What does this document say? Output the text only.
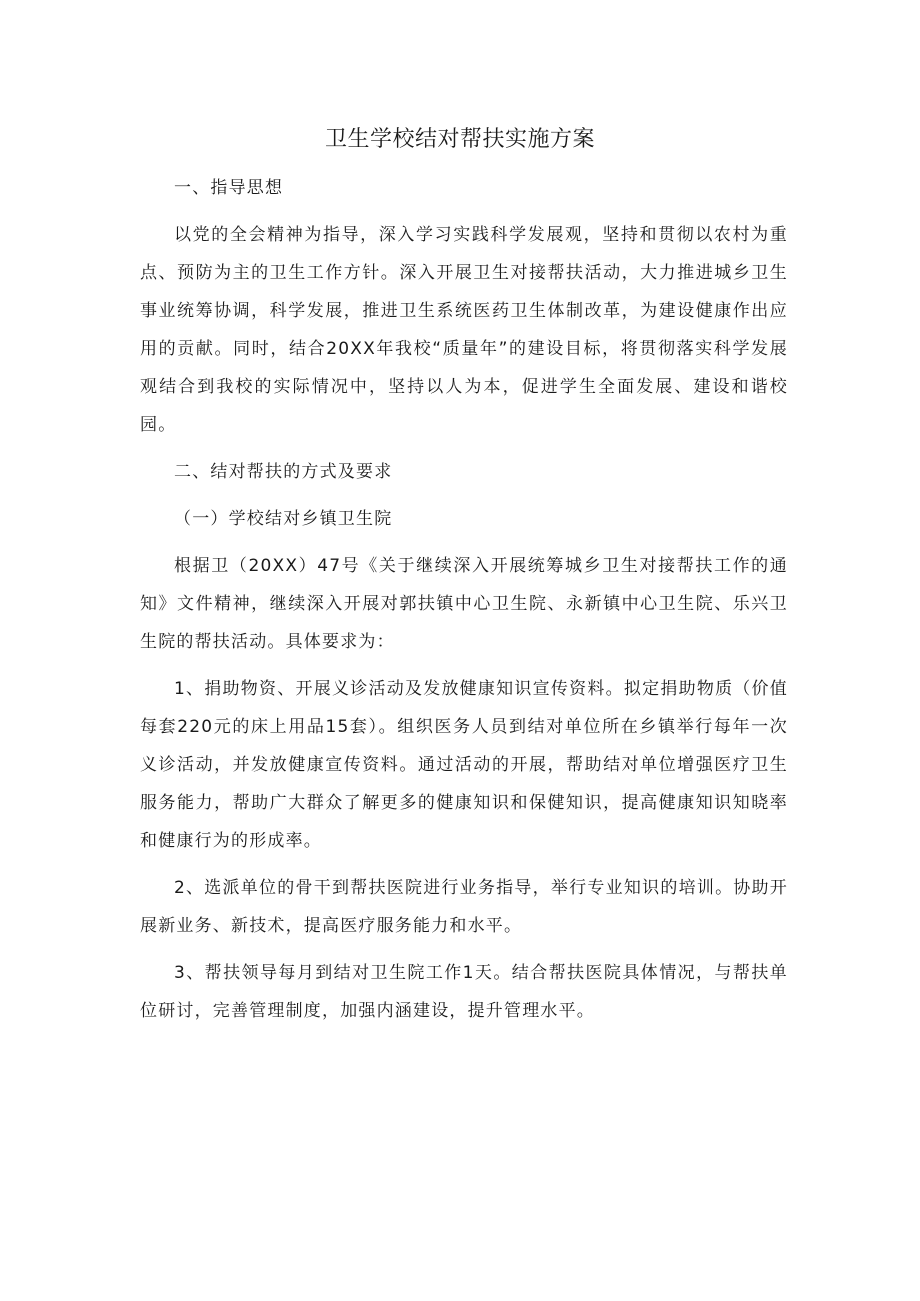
卫生学校结对帮扶实施方案

一、指导思想

以党的全会精神为指导，深入学习实践科学发展观，坚持和贯彻以农村为重点、预防为主的卫生工作方针。深入开展卫生对接帮扶活动，大力推进城乡卫生事业统筹协调，科学发展，推进卫生系统医药卫生体制改革，为建设健康作出应用的贡献。同时，结合20XX年我校“质量年”的建设目标，将贯彻落实科学发展观结合到我校的实际情况中，坚持以人为本，促进学生全面发展、建设和谐校园。

二、结对帮扶的方式及要求

（一）学校结对乡镇卫生院

根据卫（20XX）47号《关于继续深入开展统筹城乡卫生对接帮扶工作的通知》文件精神，继续深入开展对郭扶镇中心卫生院、永新镇中心卫生院、乐兴卫生院的帮扶活动。具体要求为：

1、捐助物资、开展义诊活动及发放健康知识宣传资料。拟定捐助物质（价值每套220元的床上用品15套）。组织医务人员到结对单位所在乡镇举行每年一次义诊活动，并发放健康宣传资料。通过活动的开展，帮助结对单位增强医疗卫生服务能力，帮助广大群众了解更多的健康知识和保健知识，提高健康知识知晓率和健康行为的形成率。

2、选派单位的骨干到帮扶医院进行业务指导，举行专业知识的培训。协助开展新业务、新技术，提高医疗服务能力和水平。

3、帮扶领导每月到结对卫生院工作1天。结合帮扶医院具体情况，与帮扶单位研讨，完善管理制度，加强内涵建设，提升管理水平。
